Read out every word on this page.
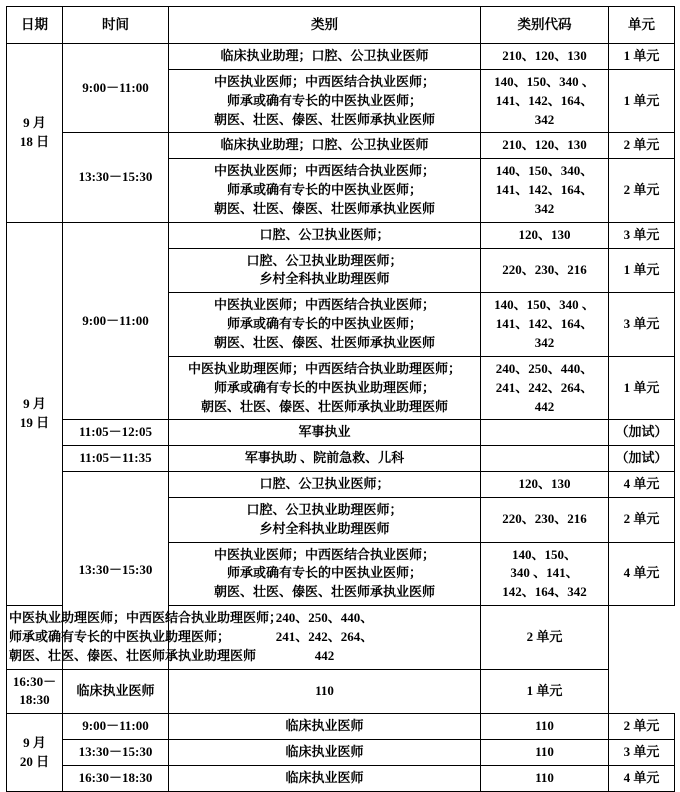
日期	时间	类别	类别代码	单元

9 月
18 日	9:00－11:00	临床执业助理；口腔、公卫执业医师	210、120、130	1 单元

		中医执业医师；中西医结合执业医师；
师承或确有专长的中医执业医师；
朝医、壮医、傣医、壮医师承执业医师	140、150、340 、
141、142、164、
342	1 单元
	13:30－15:30	临床执业助理；口腔、公卫执业医师	210、120、130	2 单元

		中医执业医师；中西医结合执业医师；
师承或确有专长的中医执业医师；
朝医、壮医、傣医、壮医师承执业医师	140、150、340、
141、142、164、
342	2 单元

9 月
19 日	9:00－11:00	口腔、公卫执业医师；	120、130	3 单元

		口腔、公卫执业助理医师；
乡村全科执业助理医师	220、230、216	1 单元

		中医执业医师；中西医结合执业医师；
师承或确有专长的中医执业医师；
朝医、壮医、傣医、壮医师承执业医师	140、150、340 、
141、142、164、
342	3 单元

		中医执业助理医师；中西医结合执业助理医师；
师承或确有专长的中医执业助理医师；
朝医、壮医、傣医、壮医师承执业助理医师	240、250、440、
241、242、264、
442	1 单元
	11:05－12:05	军事执业		（加试）
	11:05－11:35	军事执助 、院前急救、儿科		（加试）
	13:30－15:30	口腔、公卫执业医师；	120、130	4 单元

		口腔、公卫执业助理医师；
乡村全科执业助理医师	220、230、216	2 单元

		中医执业医师；中西医结合执业医师；
师承或确有专长的中医执业医师；
朝医、壮医、傣医、壮医师承执业医师	140、150、
340 、141、
142、164、342	4 单元

中医执业助理医师；中西医结合执业助理医师；
师承或确有专长的中医执业助理医师；
朝医、壮医、傣医、壮医师承执业助理医师		240、250、440、
241、242、264、
442	2 单元	
16:30－18:30	临床执业医师	110	1 单元	

9 月
20 日	9:00－11:00	临床执业医师	110	2 单元
	13:30－15:30	临床执业医师	110	3 单元
	16:30－18:30	临床执业医师	110	4 单元
